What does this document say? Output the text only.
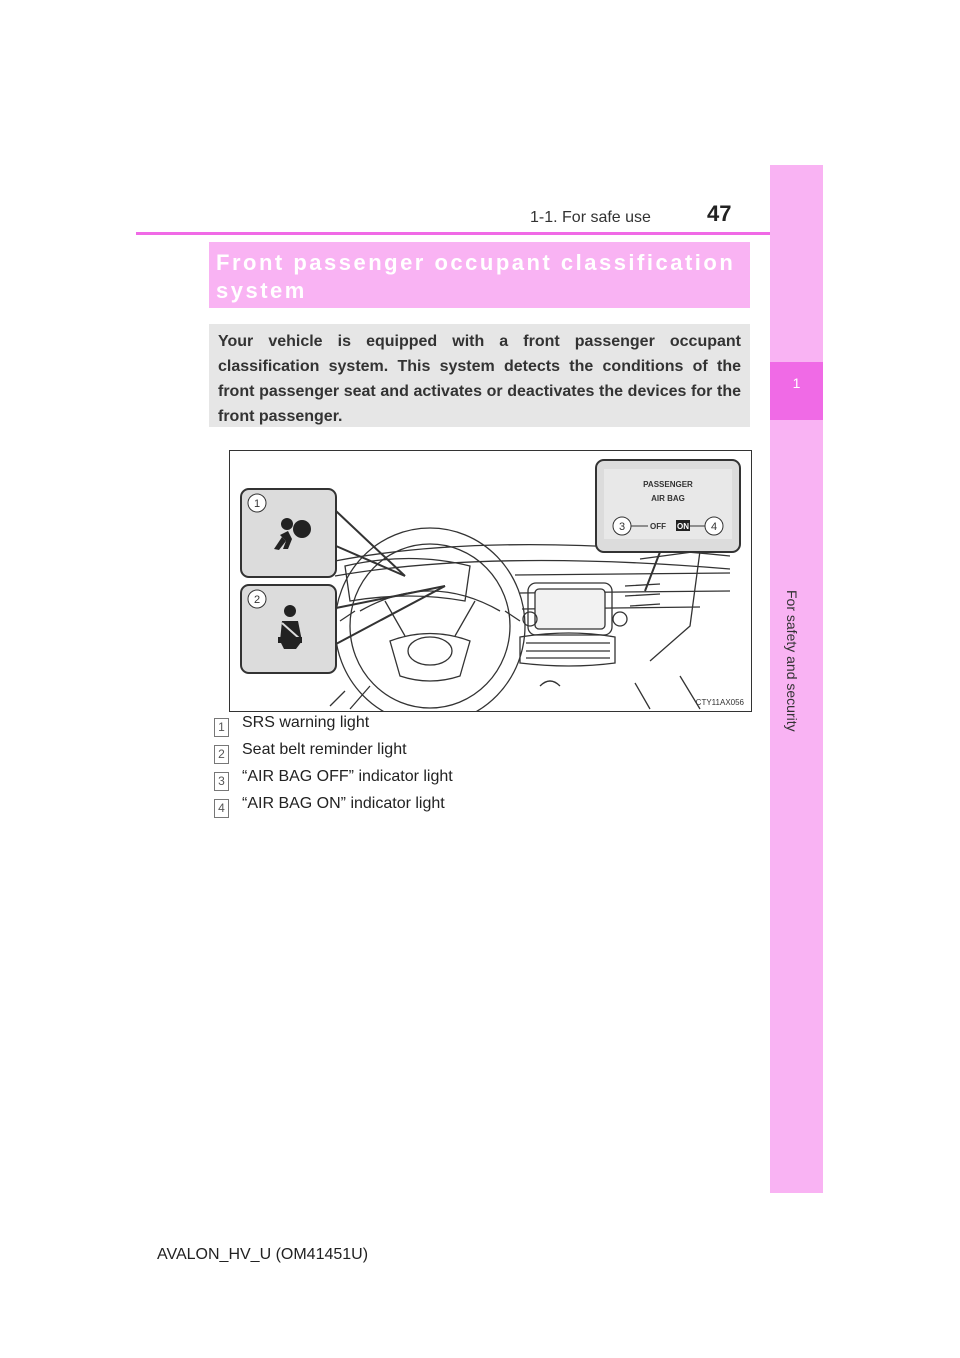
1-1. For safe use	47
1
For safety and security
Front passenger occupant classification system
Your vehicle is equipped with a front passenger occupant classification system. This system detects the conditions of the front passenger seat and activates or deactivates the devices for the front passenger.
1
2
PASSENGER
AIR BAG
3	OFF ON 4
CTY11AX056
1 SRS warning light
2 Seat belt reminder light
3 “AIR BAG OFF” indicator light
4 “AIR BAG ON” indicator light
AVALON_HV_U (OM41451U)
